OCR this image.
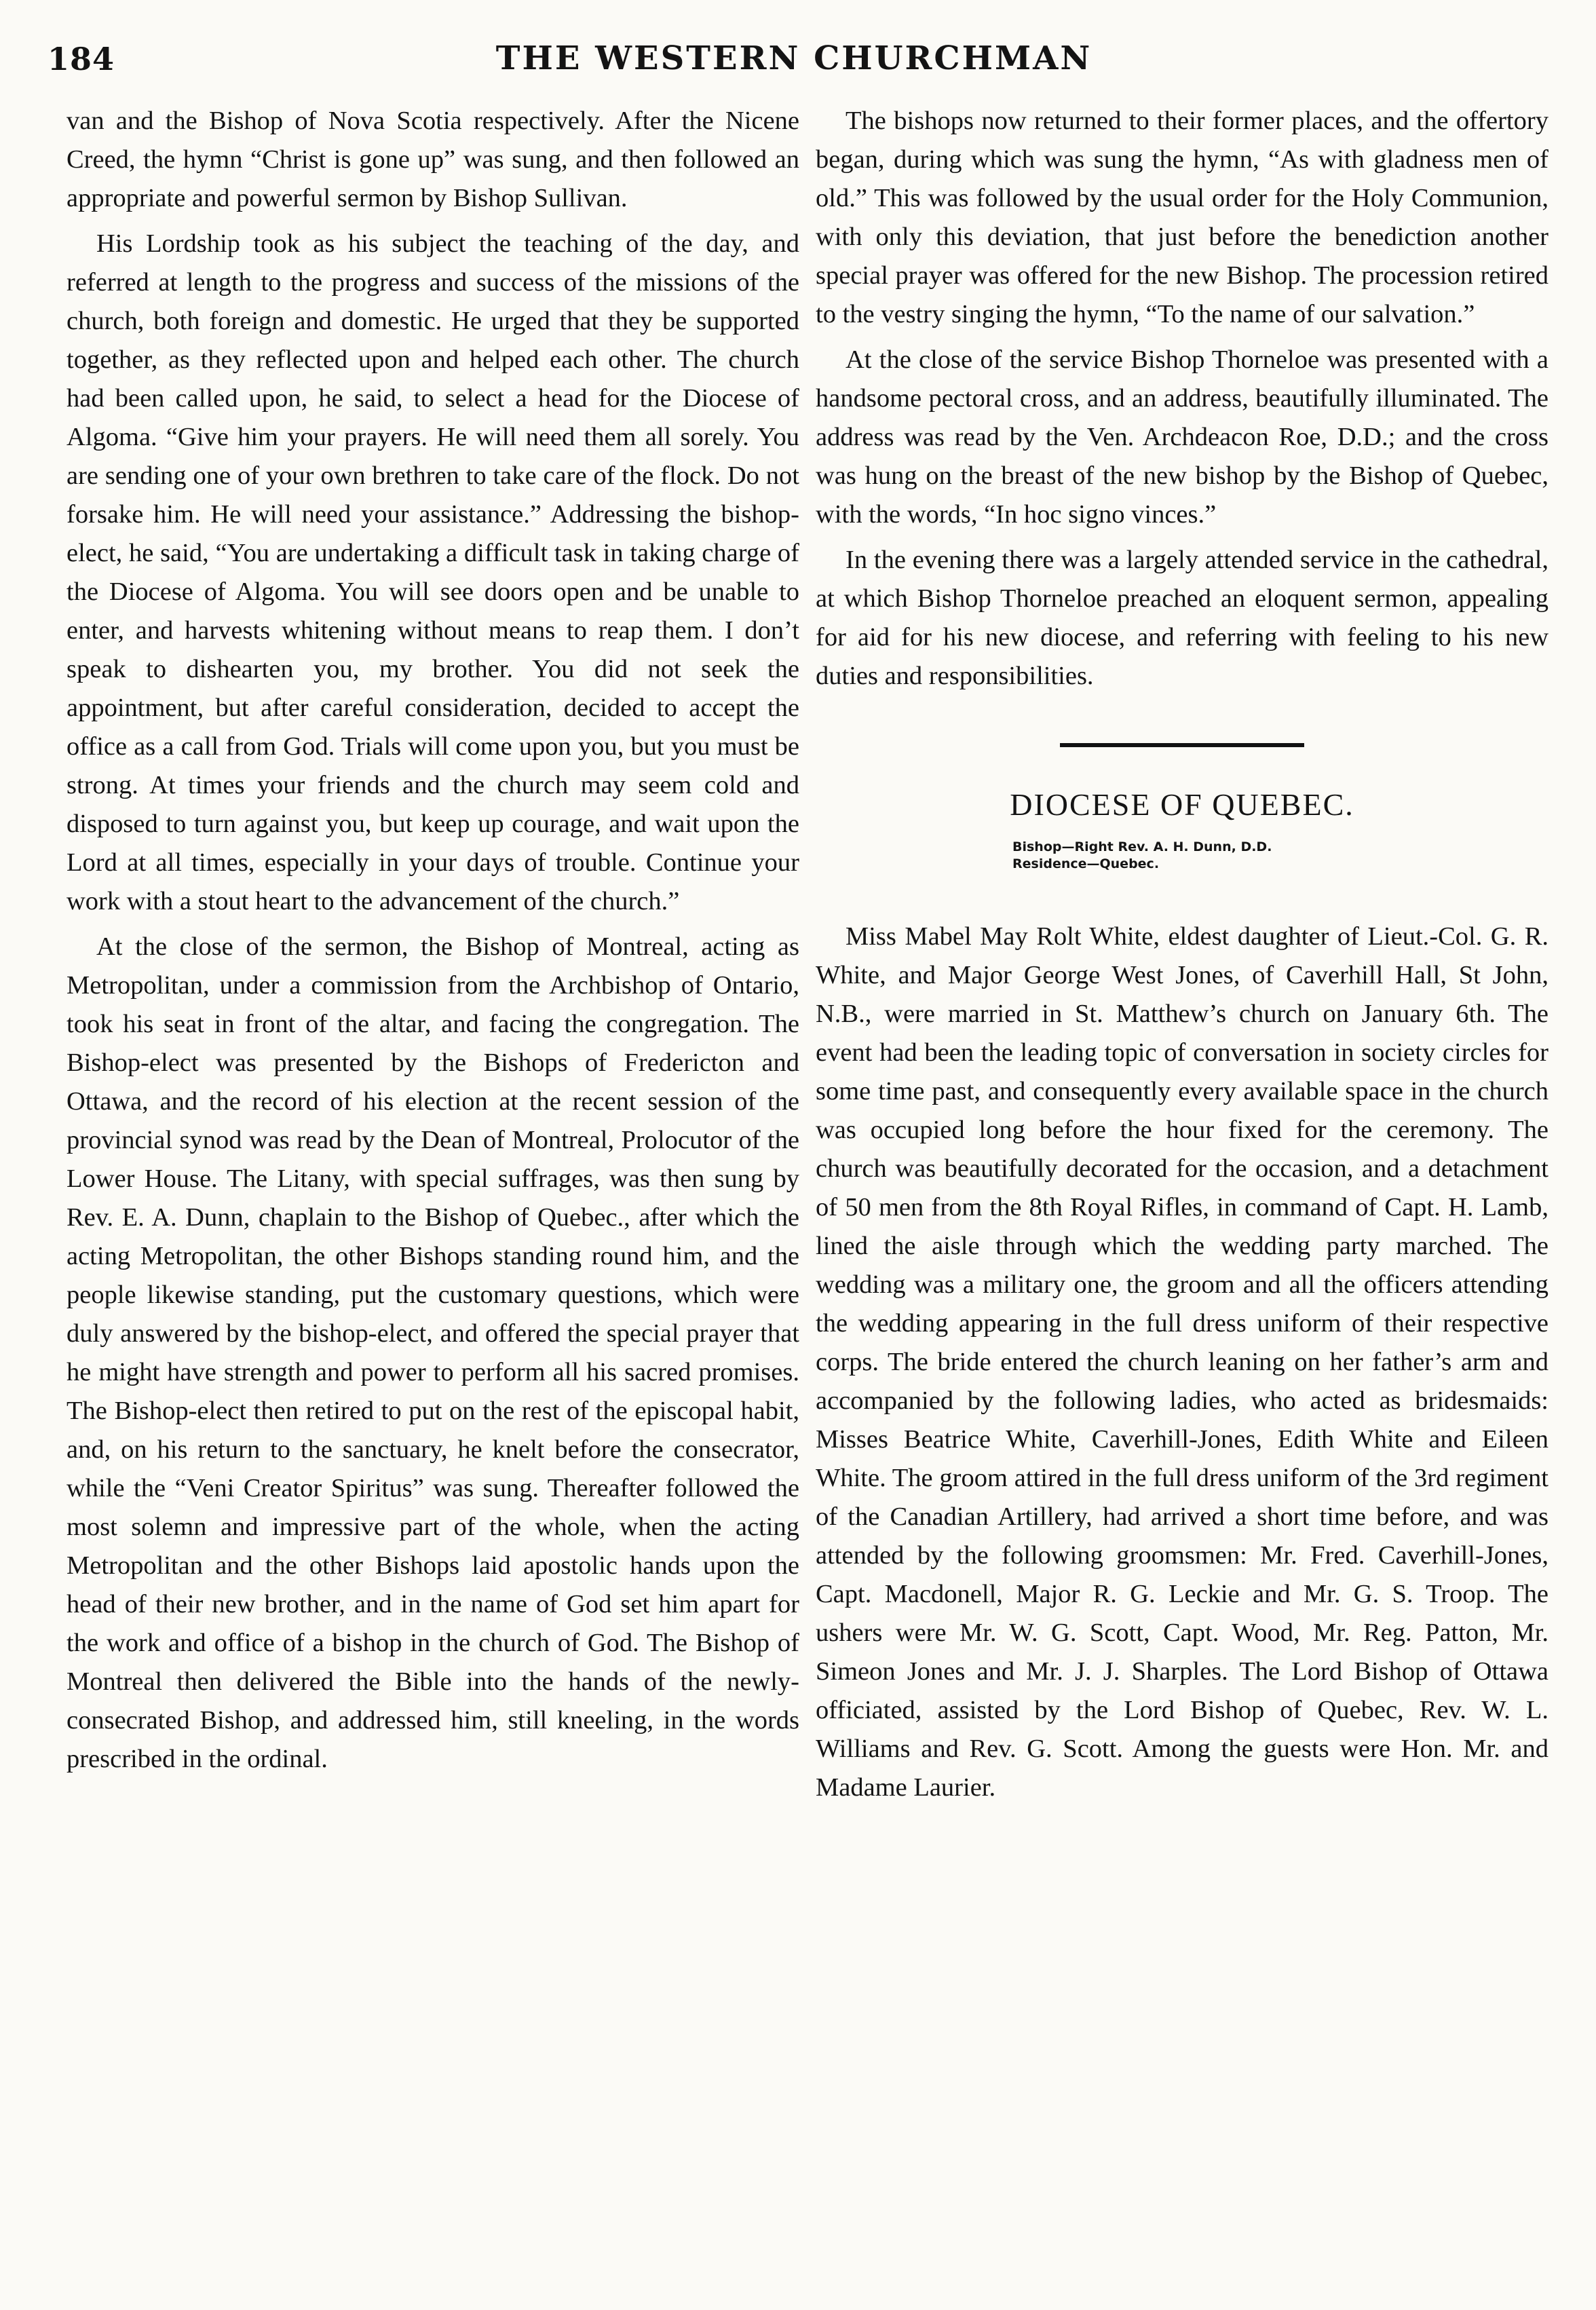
184	THE WESTERN CHURCHMAN

van and the Bishop of Nova Scotia respectively. After the Nicene Creed, the hymn “Christ is gone up” was sung, and then followed an appropriate and powerful sermon by Bishop Sullivan.

His Lordship took as his subject the teaching of the day, and referred at length to the progress and success of the missions of the church, both foreign and domestic. He urged that they be supported together, as they reflected upon and helped each other. The church had been called upon, he said, to select a head for the Diocese of Algoma. “Give him your prayers. He will need them all sorely. You are sending one of your own brethren to take care of the flock. Do not forsake him. He will need your assistance.” Addressing the bishop-elect, he said, “You are undertaking a difficult task in taking charge of the Diocese of Algoma. You will see doors open and be unable to enter, and harvests whitening without means to reap them. I don’t speak to dishearten you, my brother. You did not seek the appointment, but after careful consideration, decided to accept the office as a call from God. Trials will come upon you, but you must be strong. At times your friends and the church may seem cold and disposed to turn against you, but keep up courage, and wait upon the Lord at all times, especially in your days of trouble. Continue your work with a stout heart to the advancement of the church.”

At the close of the sermon, the Bishop of Montreal, acting as Metropolitan, under a commission from the Archbishop of Ontario, took his seat in front of the altar, and facing the congregation. The Bishop-elect was presented by the Bishops of Fredericton and Ottawa, and the record of his election at the recent session of the provincial synod was read by the Dean of Montreal, Prolocutor of the Lower House. The Litany, with special suffrages, was then sung by Rev. E. A. Dunn, chaplain to the Bishop of Quebec., after which the acting Metropolitan, the other Bishops standing round him, and the people likewise standing, put the customary questions, which were duly answered by the bishop-elect, and offered the special prayer that he might have strength and power to perform all his sacred promises. The Bishop-elect then retired to put on the rest of the episcopal habit, and, on his return to the sanctuary, he knelt before the consecrator, while the “Veni Creator Spiritus” was sung. Thereafter followed the most solemn and impressive part of the whole, when the acting Metropolitan and the other Bishops laid apostolic hands upon the head of their new brother, and in the name of God set him apart for the work and office of a bishop in the church of God. The Bishop of Montreal then delivered the Bible into the hands of the newly-consecrated Bishop, and addressed him, still kneeling, in the words prescribed in the ordinal.

The bishops now returned to their former places, and the offertory began, during which was sung the hymn, “As with gladness men of old.” This was followed by the usual order for the Holy Communion, with only this deviation, that just before the benediction another special prayer was offered for the new Bishop. The procession retired to the vestry singing the hymn, “To the name of our salvation.”

At the close of the service Bishop Thorneloe was presented with a handsome pectoral cross, and an address, beautifully illuminated. The address was read by the Ven. Archdeacon Roe, D.D.; and the cross was hung on the breast of the new bishop by the Bishop of Quebec, with the words, “In hoc signo vinces.”

In the evening there was a largely attended service in the cathedral, at which Bishop Thorneloe preached an eloquent sermon, appealing for aid for his new diocese, and referring with feeling to his new duties and responsibilities.

DIOCESE OF QUEBEC.
Bishop—Right Rev. A. H. Dunn, D.D.
Residence—Quebec.

Miss Mabel May Rolt White, eldest daughter of Lieut.-Col. G. R. White, and Major George West Jones, of Caverhill Hall, St John, N.B., were married in St. Matthew’s church on January 6th. The event had been the leading topic of conversation in society circles for some time past, and consequently every available space in the church was occupied long before the hour fixed for the ceremony. The church was beautifully decorated for the occasion, and a detachment of 50 men from the 8th Royal Rifles, in command of Capt. H. Lamb, lined the aisle through which the wedding party marched. The wedding was a military one, the groom and all the officers attending the wedding appearing in the full dress uniform of their respective corps. The bride entered the church leaning on her father’s arm and accompanied by the following ladies, who acted as bridesmaids: Misses Beatrice White, Caverhill-Jones, Edith White and Eileen White. The groom attired in the full dress uniform of the 3rd regiment of the Canadian Artillery, had arrived a short time before, and was attended by the following groomsmen: Mr. Fred. Caverhill-Jones, Capt. Macdonell, Major R. G. Leckie and Mr. G. S. Troop. The ushers were Mr. W. G. Scott, Capt. Wood, Mr. Reg. Patton, Mr. Simeon Jones and Mr. J. J. Sharples. The Lord Bishop of Ottawa officiated, assisted by the Lord Bishop of Quebec, Rev. W. L. Williams and Rev. G. Scott. Among the guests were Hon. Mr. and Madame Laurier.
